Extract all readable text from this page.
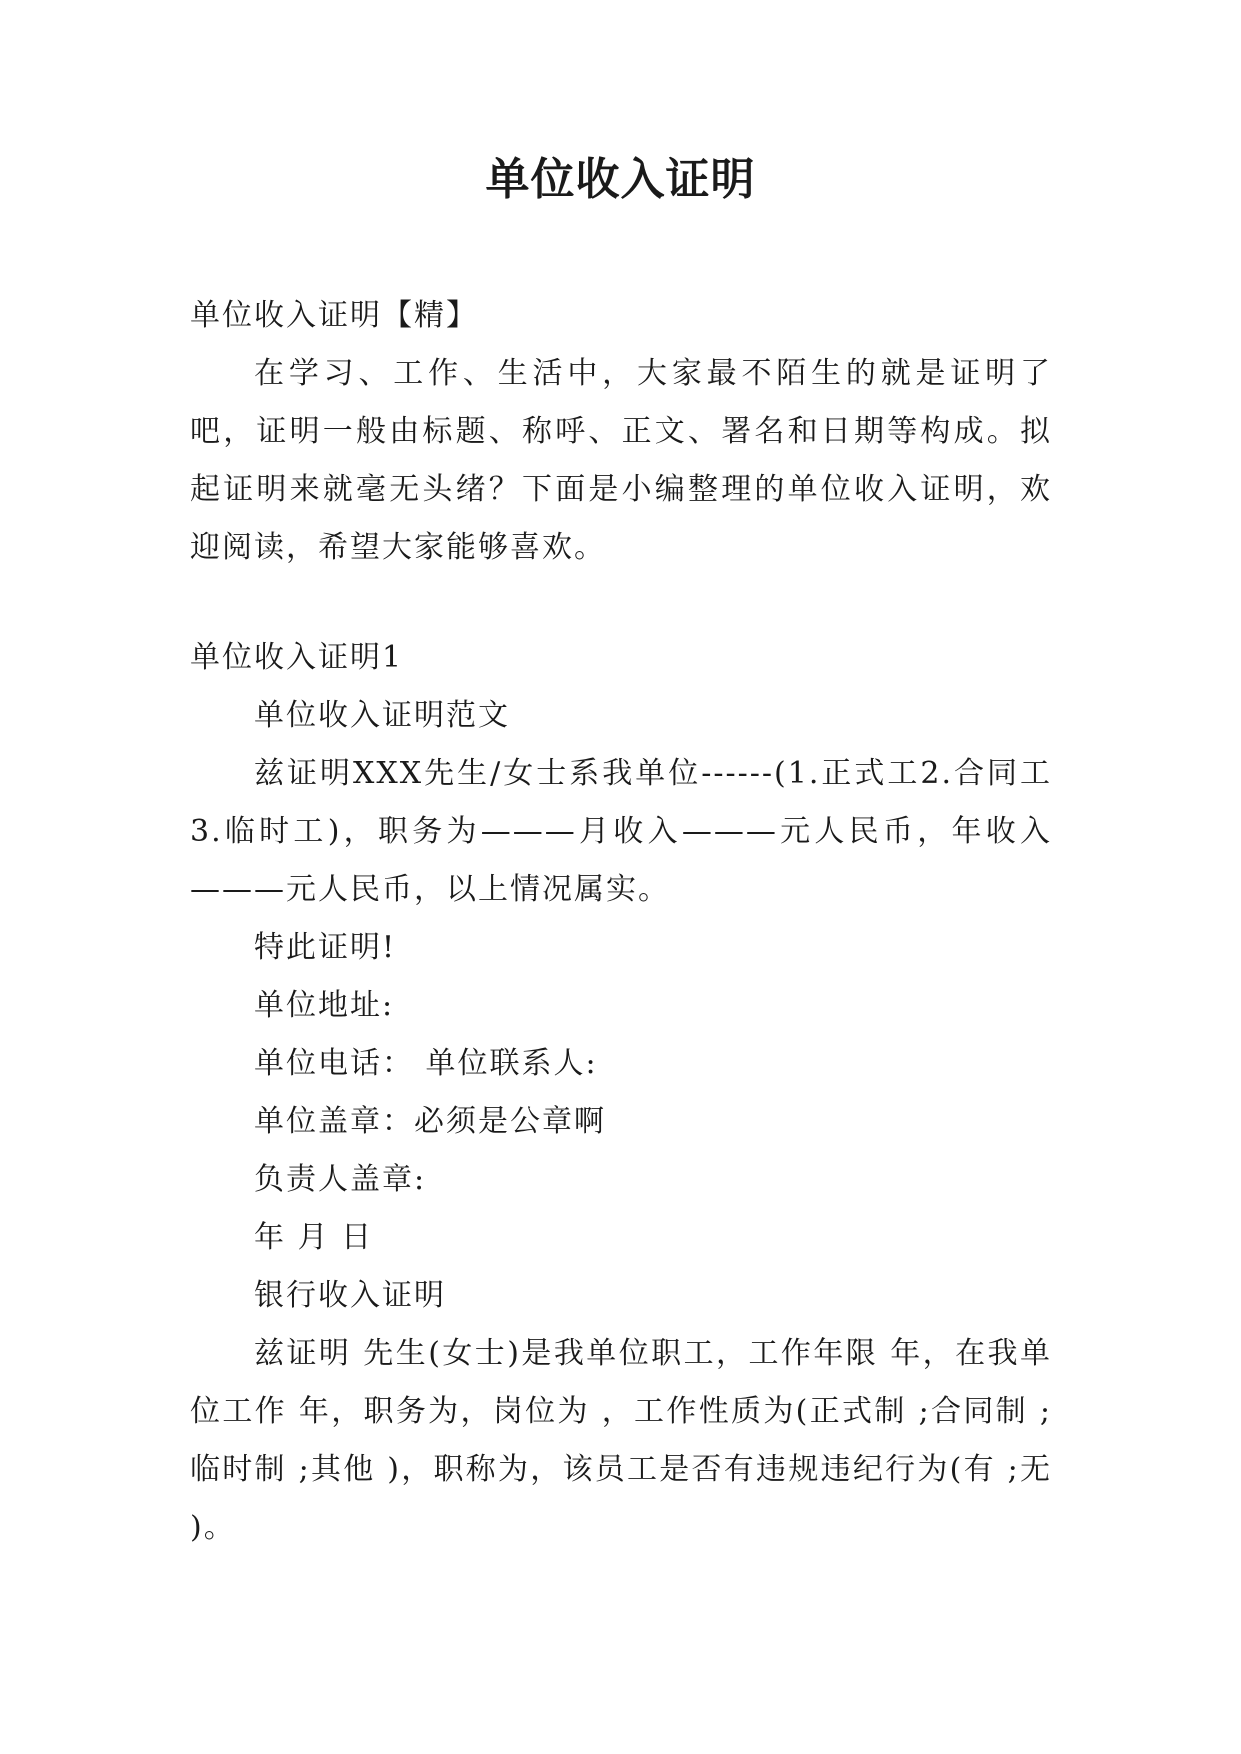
单位收入证明

单位收入证明【精】

在学习、工作、生活中，大家最不陌生的就是证明了吧，证明一般由标题、称呼、正文、署名和日期等构成。拟起证明来就毫无头绪？下面是小编整理的单位收入证明，欢迎阅读，希望大家能够喜欢。

单位收入证明1

单位收入证明范文

兹证明XXX先生/女士系我单位------(1.正式工2.合同工3.临时工)，职务为———月收入———元人民币，年收入———元人民币，以上情况属实。

特此证明!

单位地址:

单位电话： 单位联系人:

单位盖章：必须是公章啊

负责人盖章:

年 月 日

银行收入证明

兹证明 先生(女士)是我单位职工，工作年限 年，在我单位工作 年，职务为，岗位为 ，工作性质为(正式制 ;合同制 ;临时制 ;其他 )，职称为，该员工是否有违规违纪行为(有 ;无 )。
